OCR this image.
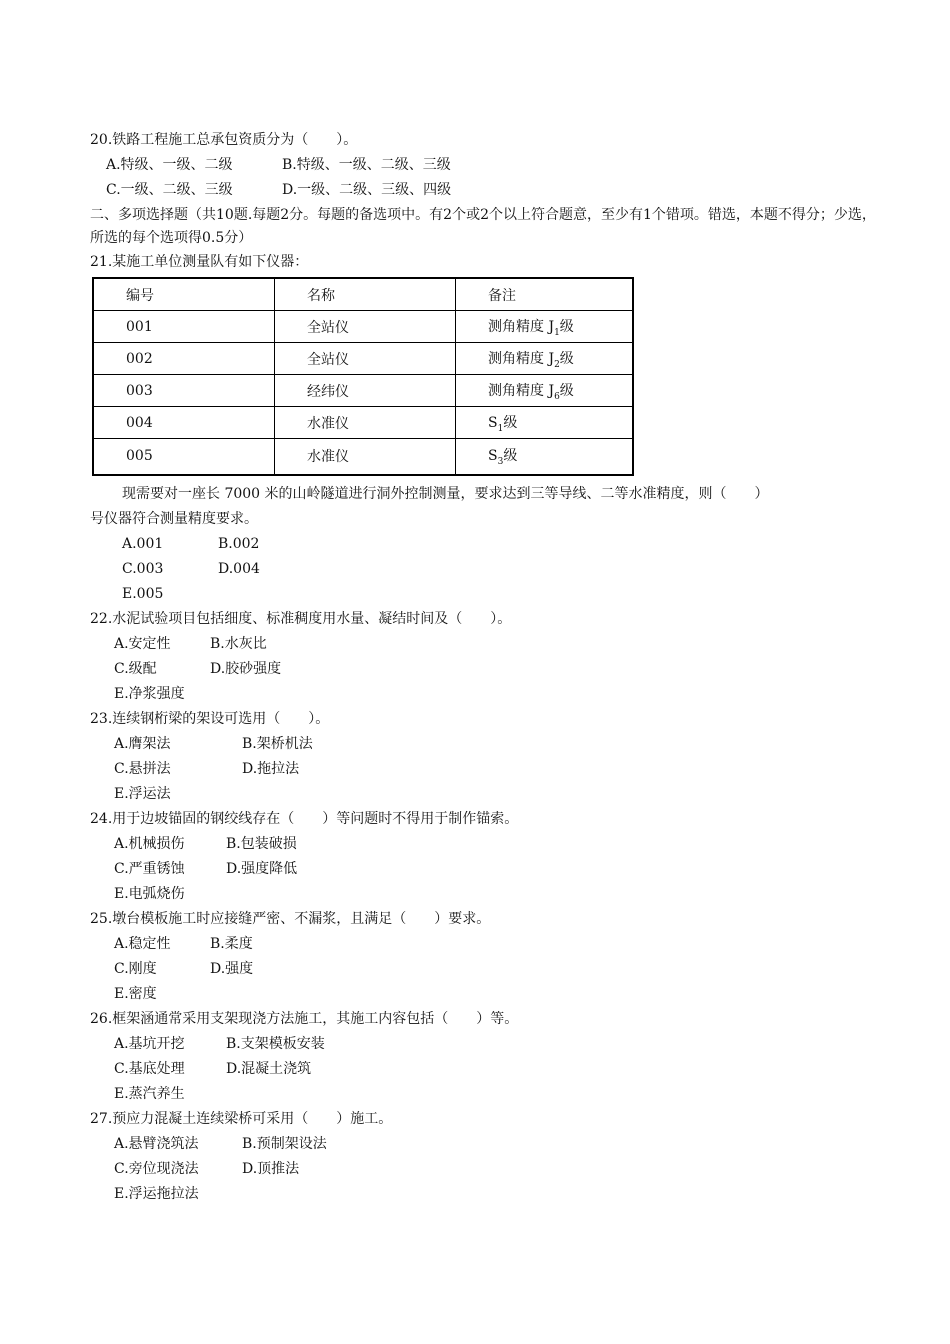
20.铁路工程施工总承包资质分为（　　）。
A.特级、一级、二级	B.特级、一级、二级、三级
C.一级、二级、三级	D.一级、二级、三级、四级
二、多项选择题（共10题.每题2分。每题的备选项中。有2个或2个以上符合题意，至少有1个错项。错选，本题不得分；少选，所选的每个选项得0.5分）
21.某施工单位测量队有如下仪器：
编号	名称	备注
001	全站仪	测角精度 $J_1$级
002	全站仪	测角精度 $J_2$级
003	经纬仪	测角精度 $J_6$级
004	水准仪	$S_1$级
005	水准仪	$S_3$级
现需要对一座长 7000 米的山岭隧道进行洞外控制测量，要求达到三等导线、二等水准精度，则（　　）
号仪器符合测量精度要求。
A.001	B.002
C.003	D.004
E.005
22.水泥试验项目包括细度、标准稠度用水量、凝结时间及（　　）。
A.安定性	B.水灰比
C.级配	D.胶砂强度
E.净浆强度
23.连续钢桁梁的架设可选用（　　）。
A.膺架法	B.架桥机法
C.悬拼法	D.拖拉法
E.浮运法
24.用于边坡锚固的钢绞线存在（　　）等问题时不得用于制作锚索。
A.机械损伤	B.包装破损
C.严重锈蚀	D.强度降低
E.电弧烧伤
25.墩台模板施工时应接缝严密、不漏浆，且满足（　　）要求。
A.稳定性	B.柔度
C.刚度	D.强度
E.密度
26.框架涵通常采用支架现浇方法施工，其施工内容包括（　　）等。
A.基坑开挖	B.支架模板安装
C.基底处理	D.混凝土浇筑
E.蒸汽养生
27.预应力混凝土连续梁桥可采用（　　）施工。
A.悬臂浇筑法	B.预制架设法
C.旁位现浇法	D.顶推法
E.浮运拖拉法
